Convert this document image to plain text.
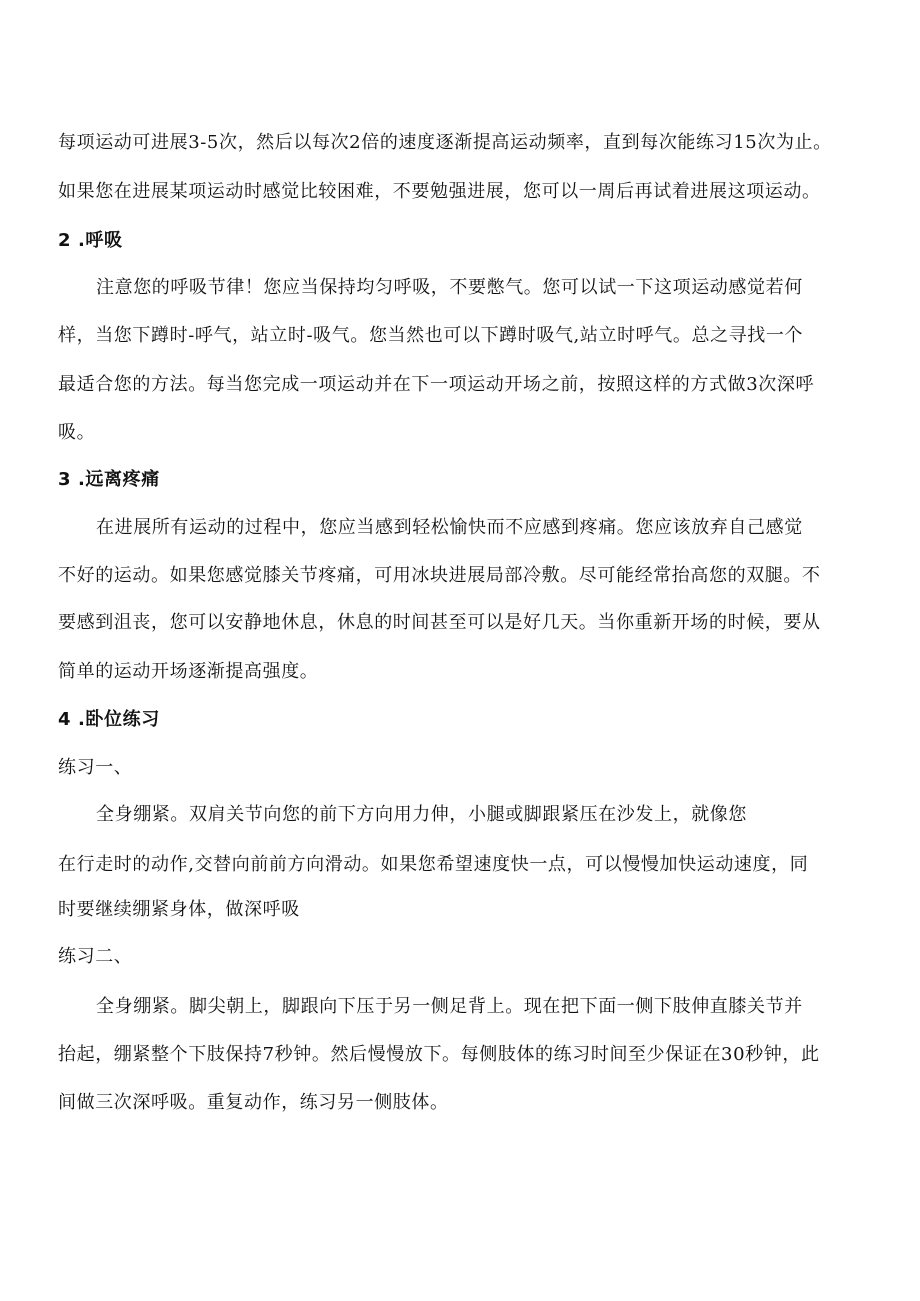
每项运动可进展3-5次，然后以每次2倍的速度逐渐提高运动频率，直到每次能练习15次为止。
如果您在进展某项运动时感觉比较困难，不要勉强进展，您可以一周后再试着进展这项运动。
2 .呼吸
注意您的呼吸节律！您应当保持均匀呼吸，不要憋气。您可以试一下这项运动感觉若何
样，当您下蹲时-呼气，站立时-吸气。您当然也可以下蹲时吸气,站立时呼气。总之寻找一个
最适合您的方法。每当您完成一项运动并在下一项运动开场之前，按照这样的方式做3次深呼
吸。
3 .远离疼痛
在进展所有运动的过程中，您应当感到轻松愉快而不应感到疼痛。您应该放弃自己感觉
不好的运动。如果您感觉膝关节疼痛，可用冰块进展局部冷敷。尽可能经常抬高您的双腿。不
要感到沮丧，您可以安静地休息，休息的时间甚至可以是好几天。当你重新开场的时候，要从
简单的运动开场逐渐提高强度。
4 .卧位练习
练习一、
全身绷紧。双肩关节向您的前下方向用力伸，小腿或脚跟紧压在沙发上，就像您
在行走时的动作,交替向前前方向滑动。如果您希望速度快一点，可以慢慢加快运动速度，同
时要继续绷紧身体，做深呼吸
练习二、
全身绷紧。脚尖朝上，脚跟向下压于另一侧足背上。现在把下面一侧下肢伸直膝关节并
抬起，绷紧整个下肢保持7秒钟。然后慢慢放下。每侧肢体的练习时间至少保证在30秒钟，此
间做三次深呼吸。重复动作，练习另一侧肢体。
